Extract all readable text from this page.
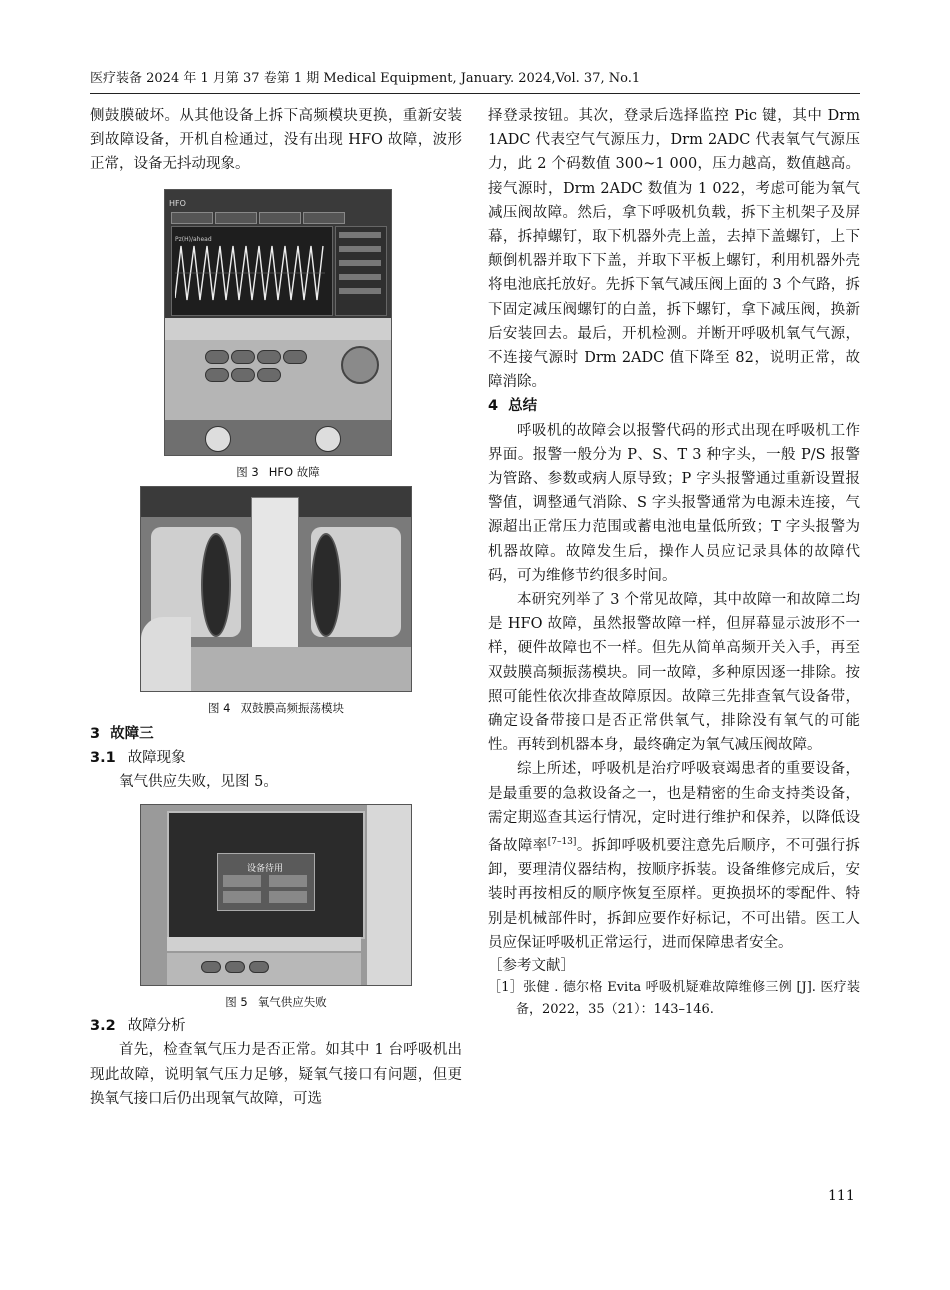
医疗装备 2024 年 1 月第 37 卷第 1 期 Medical Equipment, January. 2024,Vol. 37, No.1

侧鼓膜破坏。从其他设备上拆下高频模块更换，重新安装到故障设备，开机自检通过，没有出现 HFO 故障，波形正常，设备无抖动现象。

HFO
Pz(H)/ahead
图 3 HFO 故障
图 4 双鼓膜高频振荡模块

3 故障三

3.1 故障现象

氧气供应失败，见图 5。

设备待用
图 5 氧气供应失败

3.2 故障分析

首先，检查氧气压力是否正常。如其中 1 台呼吸机出现此故障，说明氧气压力足够，疑氧气接口有问题，但更换氧气接口后仍出现氧气故障，可选

择登录按钮。其次，登录后选择监控 Pic 键，其中 Drm 1ADC 代表空气气源压力，Drm 2ADC 代表氧气气源压力，此 2 个码数值 300~1 000，压力越高，数值越高。接气源时，Drm 2ADC 数值为 1 022，考虑可能为氧气减压阀故障。然后，拿下呼吸机负载，拆下主机架子及屏幕，拆掉螺钉，取下机器外壳上盖，去掉下盖螺钉，上下颠倒机器并取下下盖，并取下平板上螺钉，利用机器外壳将电池底托放好。先拆下氧气减压阀上面的 3 个气路，拆下固定减压阀螺钉的白盖，拆下螺钉，拿下减压阀，换新后安装回去。最后，开机检测。并断开呼吸机氧气气源，不连接气源时 Drm 2ADC 值下降至 82，说明正常，故障消除。

4 总结

呼吸机的故障会以报警代码的形式出现在呼吸机工作界面。报警一般分为 P、S、T 3 种字头，一般 P/S 报警为管路、参数或病人原导致；P 字头报警通过重新设置报警值，调整通气消除、S 字头报警通常为电源未连接，气源超出正常压力范围或蓄电池电量低所致；T 字头报警为机器故障。故障发生后，操作人员应记录具体的故障代码，可为维修节约很多时间。

本研究列举了 3 个常见故障，其中故障一和故障二均是 HFO 故障，虽然报警故障一样，但屏幕显示波形不一样，硬件故障也不一样。但先从简单高频开关入手，再至双鼓膜高频振荡模块。同一故障，多种原因逐一排除。按照可能性依次排查故障原因。故障三先排查氧气设备带，确定设备带接口是否正常供氧气，排除没有氧气的可能性。再转到机器本身，最终确定为氧气减压阀故障。

综上所述，呼吸机是治疗呼吸衰竭患者的重要设备，是最重要的急救设备之一，也是精密的生命支持类设备，需定期巡查其运行情况，定时进行维护和保养，以降低设备故障率[7–13]。拆卸呼吸机要注意先后顺序，不可强行拆卸，要理清仪器结构，按顺序拆装。设备维修完成后，安装时再按相反的顺序恢复至原样。更换损坏的零配件、特别是机械部件时，拆卸应要作好标记，不可出错。医工人员应保证呼吸机正常运行，进而保障患者安全。

［参考文献］

［1］张健 . 德尔格 Evita 呼吸机疑难故障维修三例 [J]. 医疗装备，2022，35（21）：143–146.

111
